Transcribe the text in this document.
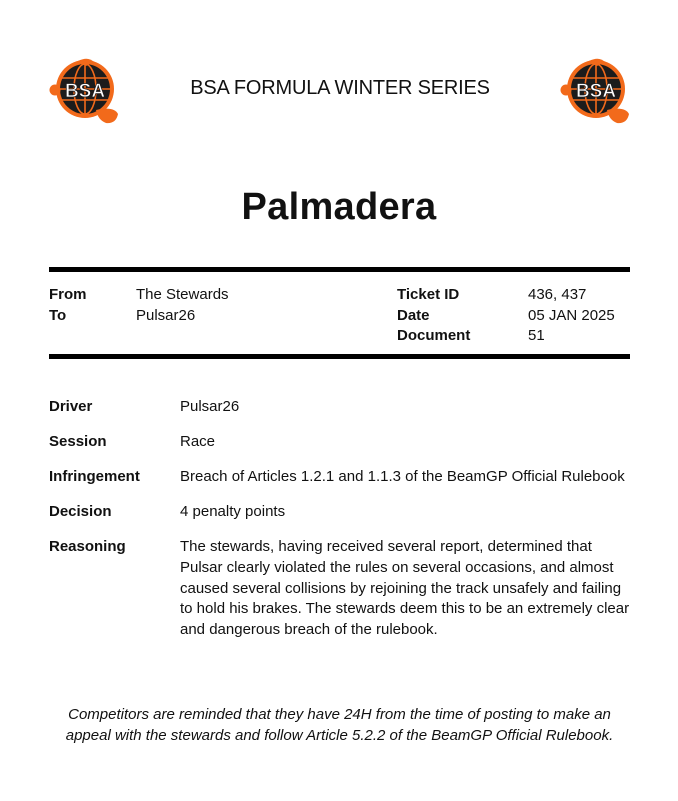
BSA	BSA
BSA FORMULA WINTER SERIES
Palmadera
From	The Stewards
To	Pulsar26
Ticket ID	436, 437
Date	05 JAN 2025
Document	51
Driver	Pulsar26
Session	Race
Infringement	Breach of Articles 1.2.1 and 1.1.3 of the BeamGP Official Rulebook
Decision	4 penalty points
Reasoning	The stewards, having received several report, determined that Pulsar clearly violated the rules on several occasions, and almost caused several collisions by rejoining the track unsafely and failing to hold his brakes. The stewards deem this to be an extremely clear and dangerous breach of the rulebook.
Competitors are reminded that they have 24H from the time of posting to make an appeal with the stewards and follow Article 5.2.2 of the BeamGP Official Rulebook.
